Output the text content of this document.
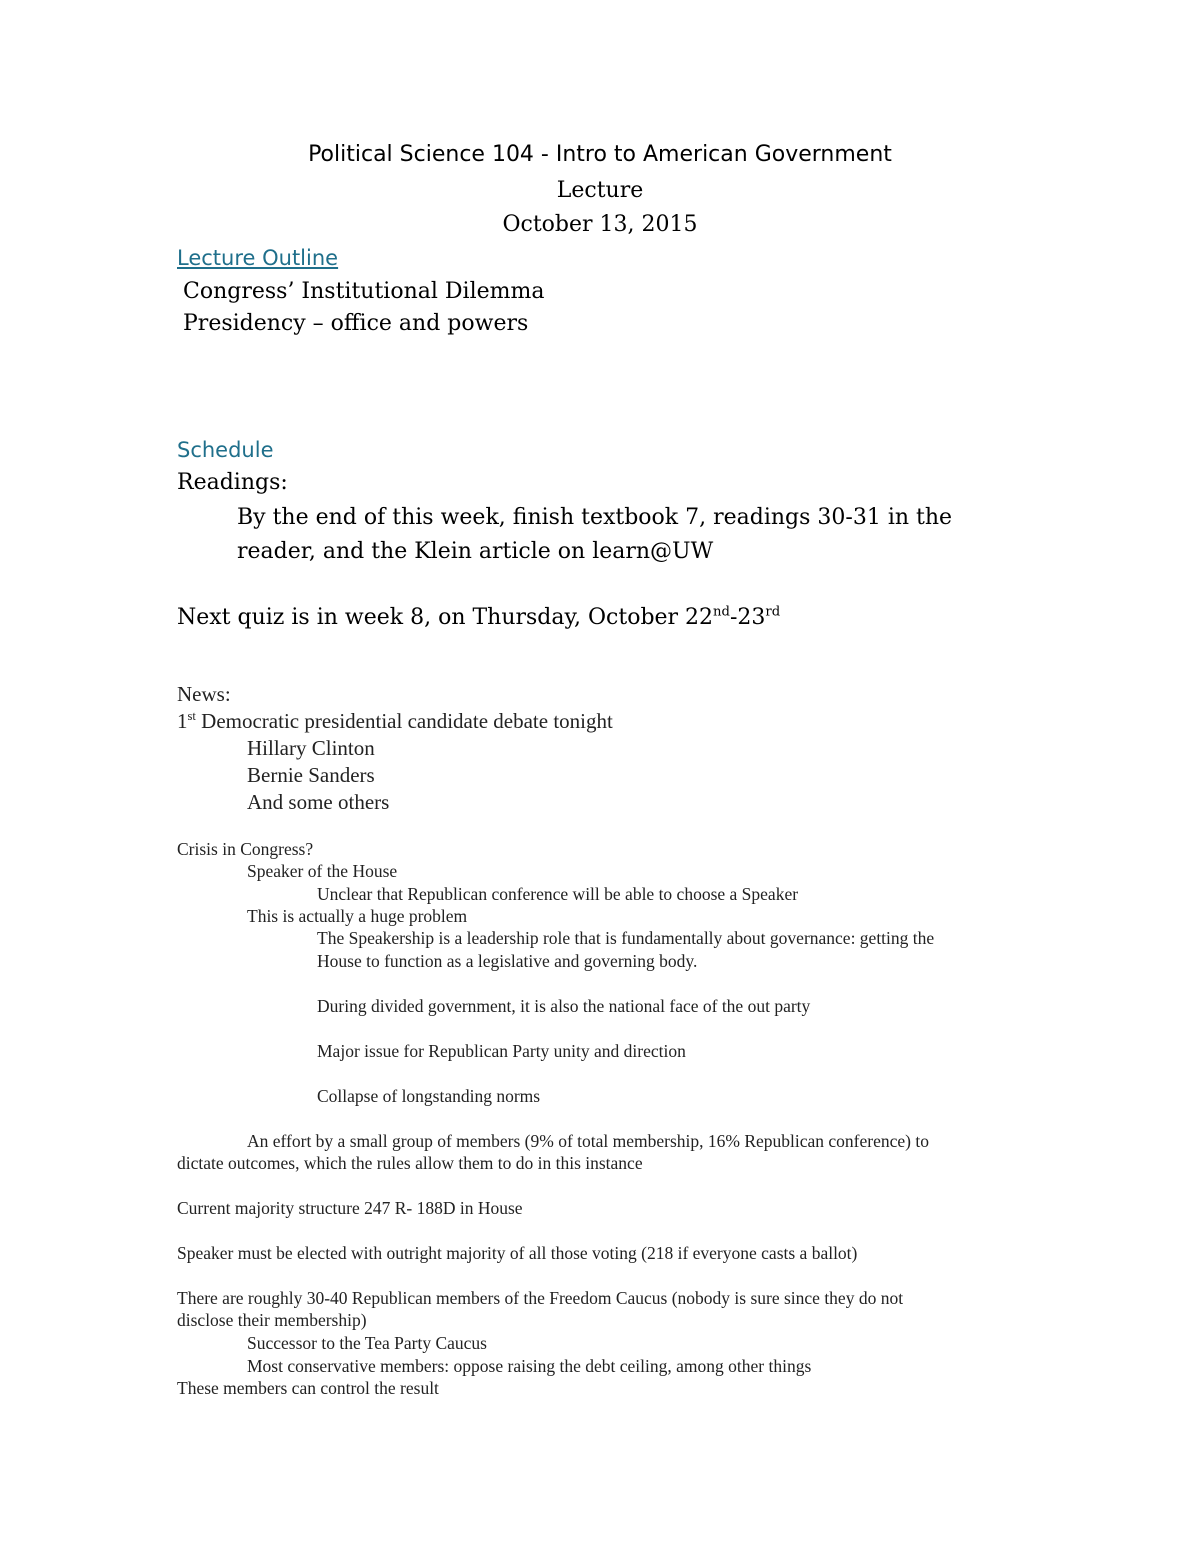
Political Science 104 - Intro to American Government
Lecture
October 13, 2015
Lecture Outline
Congress’ Institutional Dilemma
Presidency – office and powers
Schedule
Readings:
By the end of this week, finish textbook 7, readings 30-31 in the
reader, and the Klein article on learn@UW
Next quiz is in week 8, on Thursday, October 22nd-23rd
News:
1st Democratic presidential candidate debate tonight
Hillary Clinton
Bernie Sanders
And some others
Crisis in Congress?
Speaker of the House
Unclear that Republican conference will be able to choose a Speaker
This is actually a huge problem
The Speakership is a leadership role that is fundamentally about governance: getting the
House to function as a legislative and governing body.
During divided government, it is also the national face of the out party
Major issue for Republican Party unity and direction
Collapse of longstanding norms
An effort by a small group of members (9% of total membership, 16% Republican conference) to
dictate outcomes, which the rules allow them to do in this instance
Current majority structure 247 R- 188D in House
Speaker must be elected with outright majority of all those voting (218 if everyone casts a ballot)
There are roughly 30-40 Republican members of the Freedom Caucus (nobody is sure since they do not
disclose their membership)
Successor to the Tea Party Caucus
Most conservative members: oppose raising the debt ceiling, among other things
These members can control the result
